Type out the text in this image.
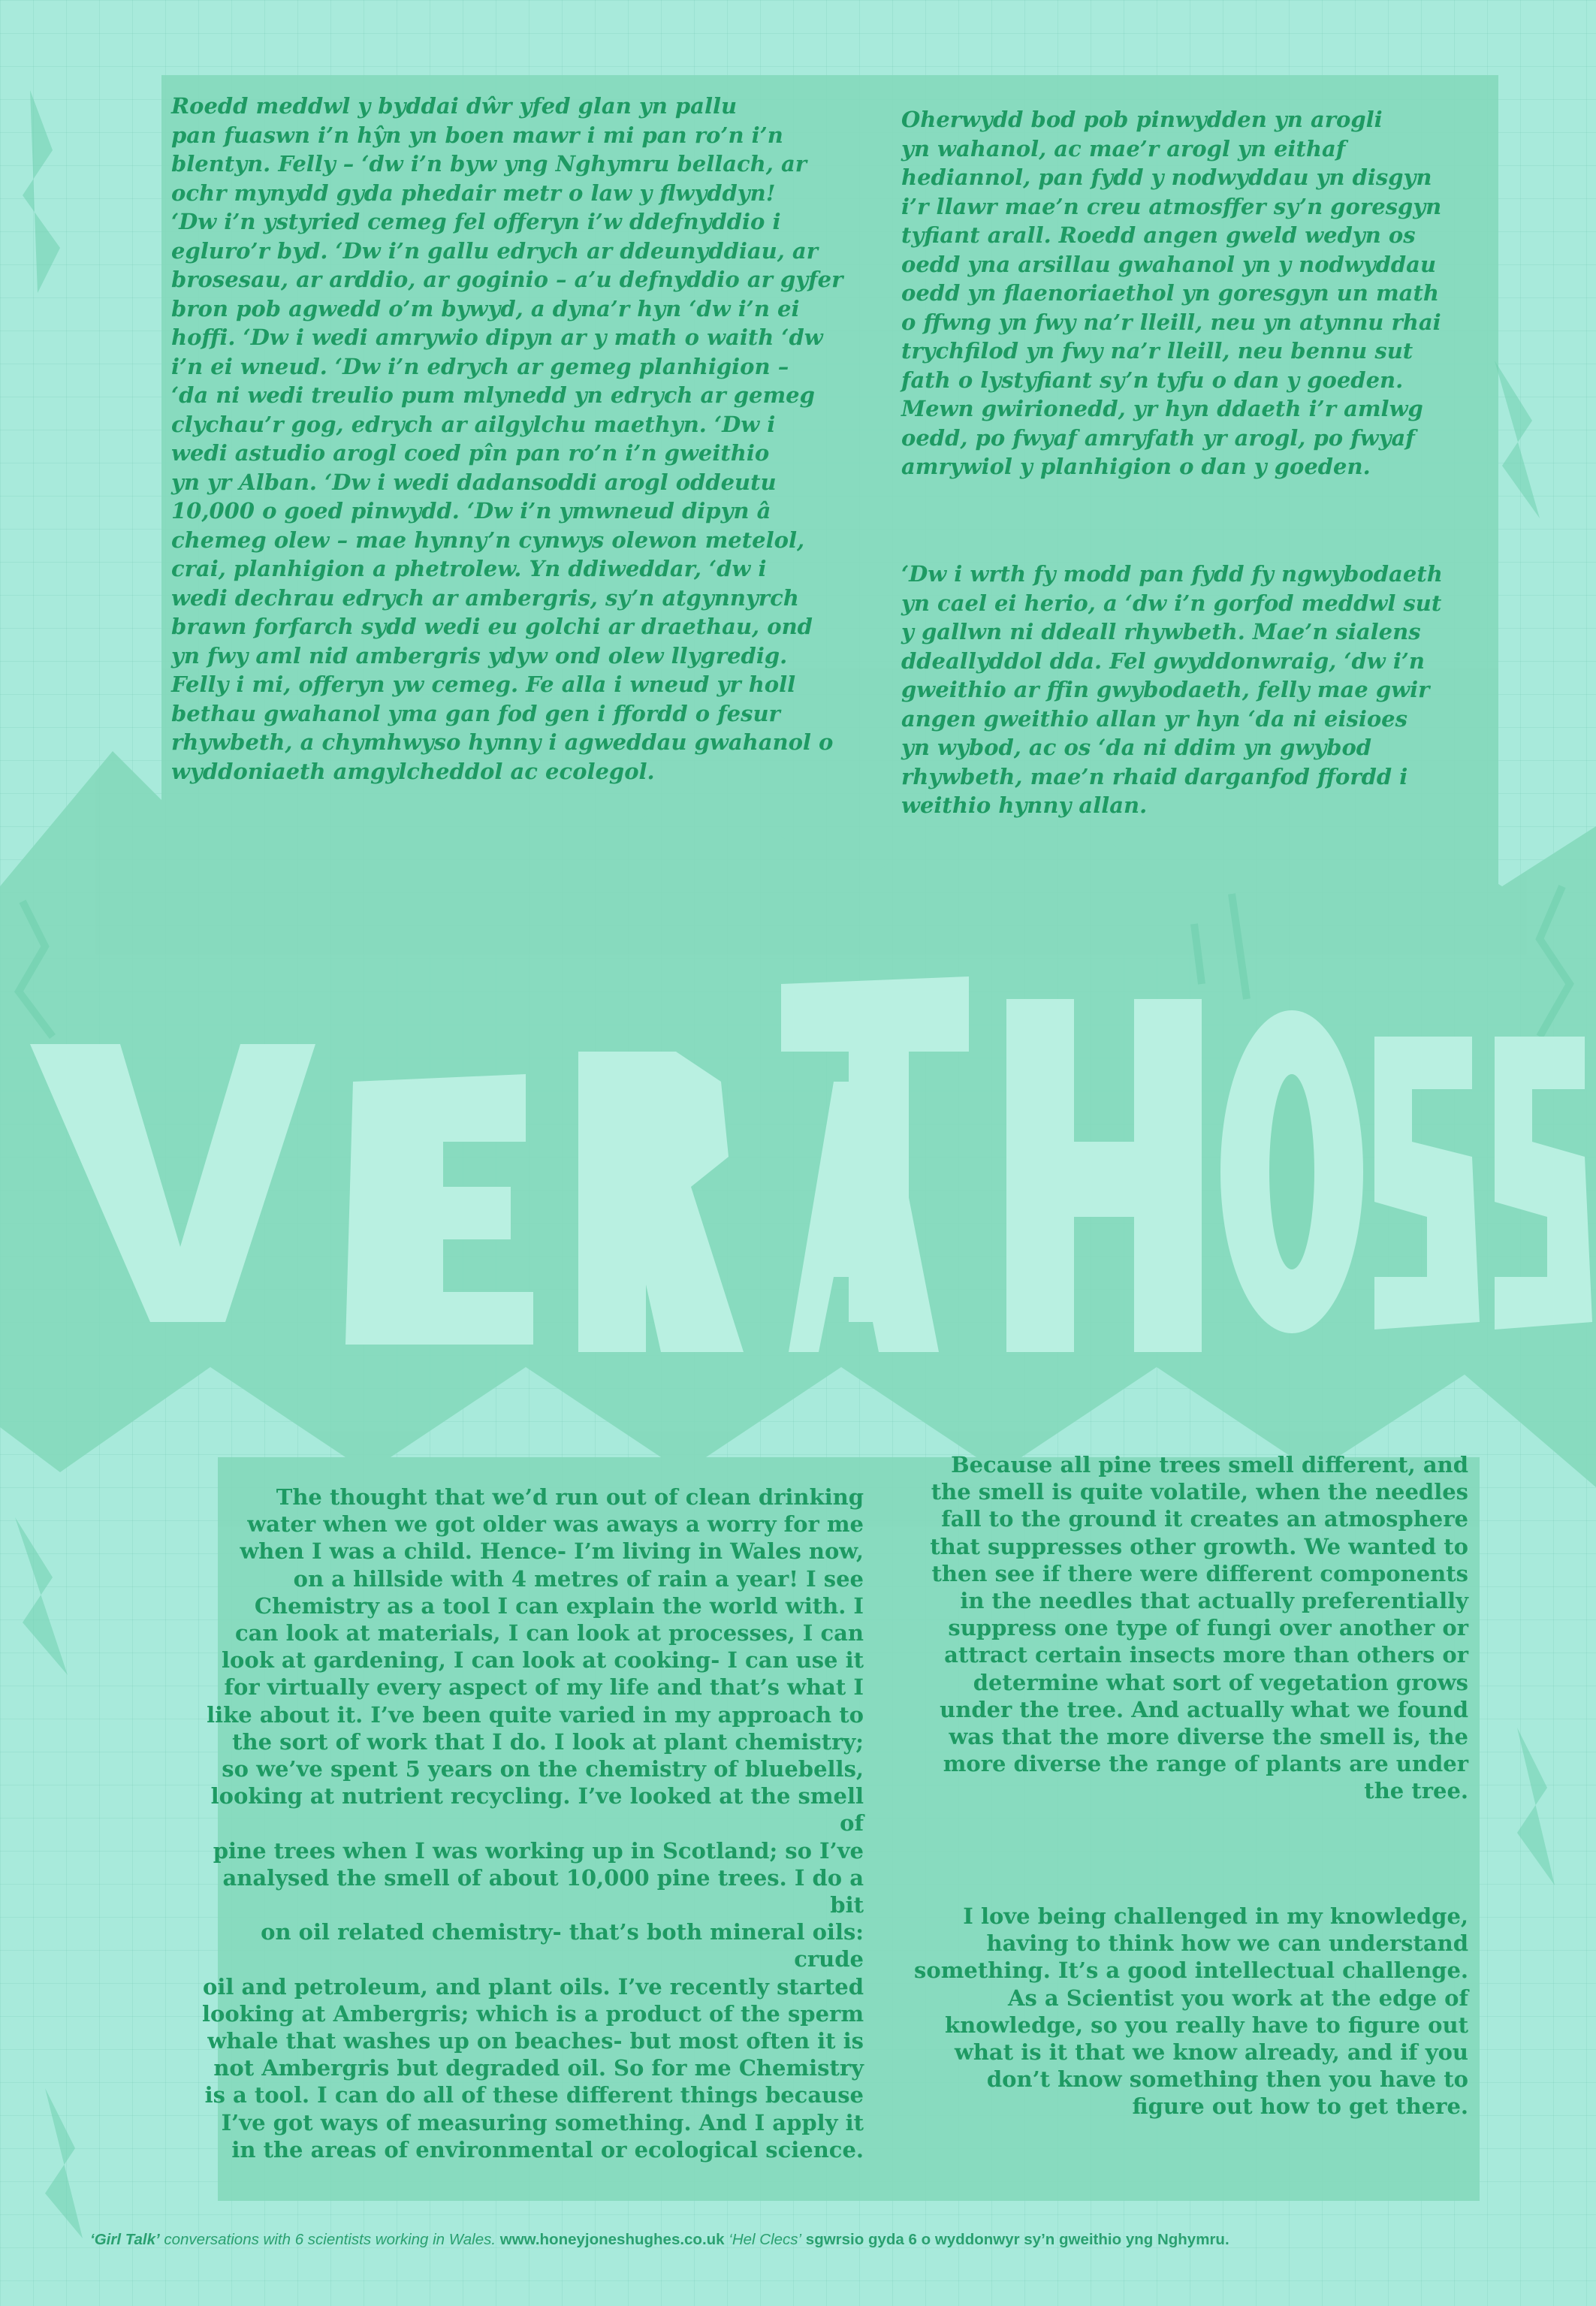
Roedd meddwl y byddai dŵr yfed glan yn pallu
pan fuaswn i’n hŷn yn boen mawr i mi pan ro’n i’n
blentyn. Felly – ‘dw i’n byw yng Nghymru bellach, ar
ochr mynydd gyda phedair metr o law y flwyddyn!
‘Dw i’n ystyried cemeg fel offeryn i’w ddefnyddio i
egluro’r byd. ‘Dw i’n gallu edrych ar ddeunyddiau, ar
brosesau, ar arddio, ar goginio – a’u defnyddio ar gyfer
bron pob agwedd o’m bywyd, a dyna’r hyn ‘dw i’n ei
hoffi. ‘Dw i wedi amrywio dipyn ar y math o waith ‘dw
i’n ei wneud. ‘Dw i’n edrych ar gemeg planhigion –
‘da ni wedi treulio pum mlynedd yn edrych ar gemeg
clychau’r gog, edrych ar ailgylchu maethyn. ‘Dw i
wedi astudio arogl coed pîn pan ro’n i’n gweithio
yn yr Alban. ‘Dw i wedi dadansoddi arogl oddeutu
10,000 o goed pinwydd. ‘Dw i’n ymwneud dipyn â
chemeg olew – mae hynny’n cynwys olewon metelol,
crai, planhigion a phetrolew. Yn ddiweddar, ‘dw i
wedi dechrau edrych ar ambergris, sy’n atgynnyrch
brawn forfarch sydd wedi eu golchi ar draethau, ond
yn fwy aml nid ambergris ydyw ond olew llygredig.
Felly i mi, offeryn yw cemeg. Fe alla i wneud yr holl
bethau gwahanol yma gan fod gen i ffordd o fesur
rhywbeth, a chymhwyso hynny i agweddau gwahanol o
wyddoniaeth amgylcheddol ac ecolegol.
Oherwydd bod pob pinwydden yn arogli
yn wahanol, ac mae’r arogl yn eithaf
hediannol, pan fydd y nodwyddau yn disgyn
i’r llawr mae’n creu atmosffer sy’n goresgyn
tyfiant arall. Roedd angen gweld wedyn os
oedd yna arsillau gwahanol yn y nodwyddau
oedd yn flaenoriaethol yn goresgyn un math
o ffwng yn fwy na’r lleill, neu yn atynnu rhai
trychfilod yn fwy na’r lleill, neu bennu sut
fath o lystyfiant sy’n tyfu o dan y goeden.
Mewn gwirionedd, yr hyn ddaeth i’r amlwg
oedd, po fwyaf amryfath yr arogl, po fwyaf
amrywiol y planhigion o dan y goeden.
‘Dw i wrth fy modd pan fydd fy ngwybodaeth
yn cael ei herio, a ‘dw i’n gorfod meddwl sut
y gallwn ni ddeall rhywbeth. Mae’n sialens
ddeallyddol dda. Fel gwyddonwraig, ‘dw i’n
gweithio ar ffin gwybodaeth, felly mae gwir
angen gweithio allan yr hyn ‘da ni eisioes
yn wybod, ac os ‘da ni ddim yn gwybod
rhywbeth, mae’n rhaid darganfod ffordd i
weithio hynny allan.
The thought that we’d run out of clean drinking
water when we got older was aways a worry for me
when I was a child. Hence- I’m living in Wales now,
on a hillside with 4 metres of rain a year! I see
Chemistry as a tool I can explain the world with. I
can look at materials, I can look at processes, I can
look at gardening, I can look at cooking- I can use it
for virtually every aspect of my life and that’s what I
like about it. I’ve been quite varied in my approach to
the sort of work that I do. I look at plant chemistry;
so we’ve spent 5 years on the chemistry of bluebells,
looking at nutrient recycling. I’ve looked at the smell of
pine trees when I was working up in Scotland; so I’ve
analysed the smell of about 10,000 pine trees. I do a bit
on oil related chemistry- that’s both mineral oils: crude
oil and petroleum, and plant oils. I’ve recently started
looking at Ambergris; which is a product of the sperm
whale that washes up on beaches- but most often it is
not Ambergris but degraded oil. So for me Chemistry
is a tool. I can do all of these different things because
I’ve got ways of measuring something. And I apply it
in the areas of environmental or ecological science.
Because all pine trees smell different, and
the smell is quite volatile, when the needles
fall to the ground it creates an atmosphere
that suppresses other growth. We wanted to
then see if there were different components
in the needles that actually preferentially
suppress one type of fungi over another or
attract certain insects more than others or
determine what sort of vegetation grows
under the tree. And actually what we found
was that the more diverse the smell is, the
more diverse the range of plants are under
the tree.
I love being challenged in my knowledge,
having to think how we can understand
something. It’s a good intellectual challenge.
As a Scientist you work at the edge of
knowledge, so you really have to figure out
what is it that we know already, and if you
don’t know something then you have to
figure out how to get there.
‘Girl Talk’ conversations with 6 scientists working in Wales. www.honeyjoneshughes.co.uk ‘Hel Clecs’ sgwrsio gyda 6 o wyddonwyr sy’n gweithio yng Nghymru.
